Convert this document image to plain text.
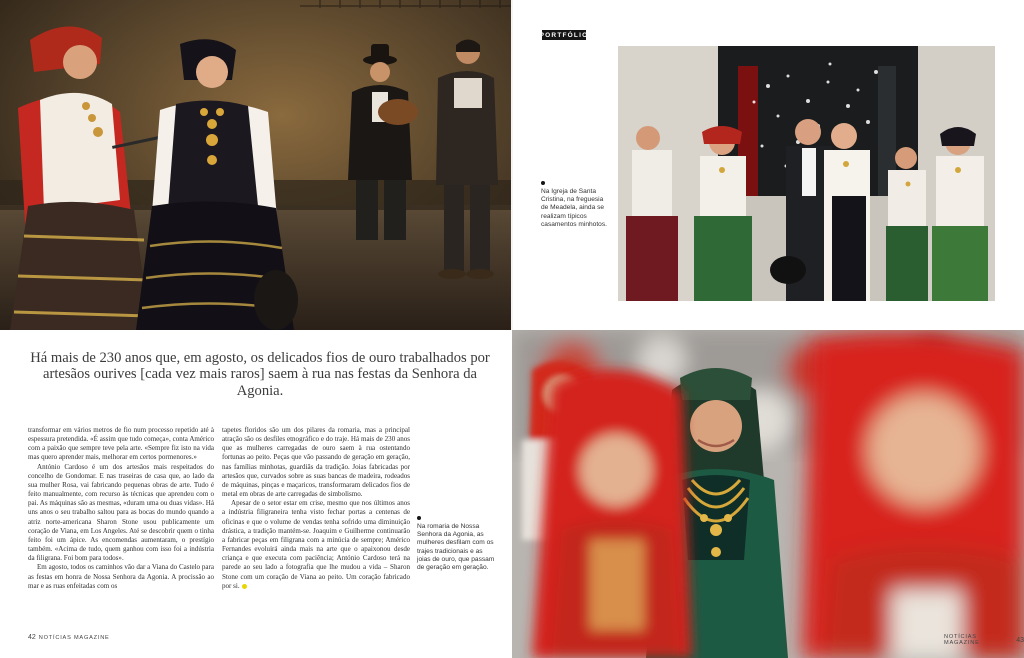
PORTFÓLIO
Na Igreja de Santa Cristina, na freguesia de Meadela, ainda se realizam típicos casamentos minhotos.
Há mais de 230 anos que, em agosto, os delicados fios de ouro trabalhados por artesãos ourives [cada vez mais raros] saem à rua nas festas da Senhora da Agonia.

transformar em vários metros de fio num processo repetido até à espessura pretendida. «É assim que tudo começa», conta Américo com a paixão que sempre teve pela arte. «Sempre fiz isto na vida mas quero aprender mais, melhorar em certos pormenores.»

António Cardoso é um dos artesãos mais respeitados do concelho de Gondomar. E nas traseiras de casa que, ao lado da sua mulher Rosa, vai fabricando pequenas obras de arte. Tudo é feito manualmente, com recurso às técnicas que aprendeu com o pai. As máquinas são as mesmas, «duram uma ou duas vidas». Há uns anos o seu trabalho saltou para as bocas do mundo quando a atriz norte-americana Sharon Stone usou publicamente um coração de Viana, em Los Angeles. Até se descobrir quem o tinha feito foi um ápice. As encomendas aumentaram, o prestígio também. «Acima de tudo, quem ganhou com isso foi a indústria da filigrana. Foi bom para todos».

Em agosto, todos os caminhos vão dar a Viana do Castelo para as festas em honra de Nossa Senhora da Agonia. A procissão ao mar e as ruas enfeitadas com os

tapetes floridos são um dos pilares da romaria, mas a principal atração são os desfiles etnográfico e do traje. Há mais de 230 anos que as mulheres carregadas de ouro saem à rua ostentando fortunas ao peito. Peças que vão passando de geração em geração, nas famílias minhotas, guardiãs da tradição. Joias fabricadas por artesãos que, curvados sobre as suas bancas de madeira, rodeados de máquinas, pinças e maçaricos, transformaram delicados fios de metal em obras de arte carregadas de simbolismo.

Apesar de o setor estar em crise, mesmo que nos últimos anos a indústria filigraneira tenha visto fechar portas a centenas de oficinas e que o volume de vendas tenha sofrido uma diminuição drástica, a tradição mantém-se. Joaquim e Guilherme continuarão a fabricar peças em filigrana com a minúcia de sempre; Américo Fernandes evoluirá ainda mais na arte que o apaixonou desde criança e que executa com paciência; António Cardoso terá na parede ao seu lado a fotografia que lhe mudou a vida – Sharon Stone com um coração de Viana ao peito. Um coração fabricado por si.

Na romaria de Nossa Senhora da Agonia, as mulheres desfilam com os trajes tradicionais e as joias de ouro, que passam de geração em geração.
42 NOTÍCIAS MAGAZINE	NOTÍCIAS MAGAZINE	43
